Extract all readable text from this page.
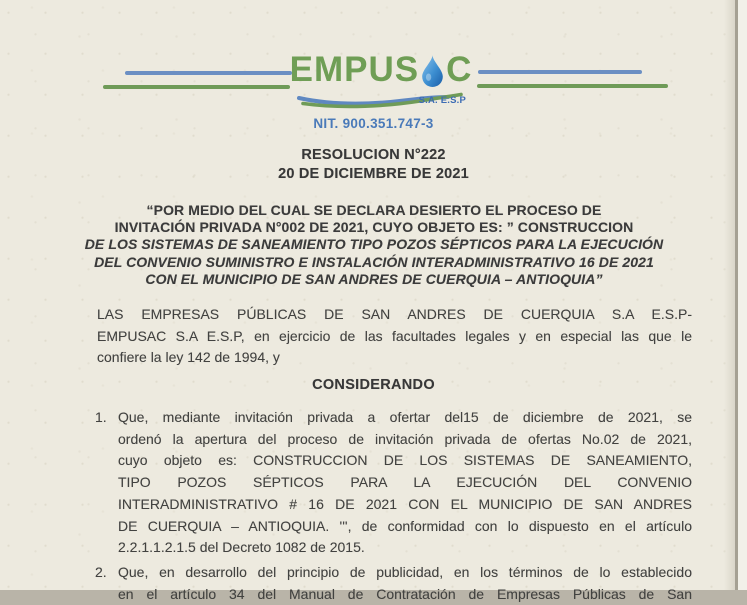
EMPUS C
S.A. E.S.P
NIT. 900.351.747-3
RESOLUCION N°222
20 DE DICIEMBRE DE 2021
“POR MEDIO DEL CUAL SE DECLARA DESIERTO EL PROCESO DE
INVITACIÓN PRIVADA N°002 DE 2021, CUYO OBJETO ES: ” CONSTRUCCION
DE LOS SISTEMAS DE SANEAMIENTO TIPO POZOS SÉPTICOS PARA LA EJECUCIÓN
DEL CONVENIO SUMINISTRO E INSTALACIÓN INTERADMINISTRATIVO 16 DE 2021
CON EL MUNICIPIO DE SAN ANDRES DE CUERQUIA – ANTIOQUIA”
LAS EMPRESAS PÚBLICAS DE SAN ANDRES DE CUERQUIA S.A E.S.P-
EMPUSAC S.A E.S.P, en ejercicio de las facultades legales y en especial las que le
confiere la ley 142 de 1994, y
CONSIDERANDO
1. Que, mediante invitación privada a ofertar del15 de diciembre de 2021, se
ordenó la apertura del proceso de invitación privada de ofertas No.02 de 2021,
cuyo objeto es: CONSTRUCCION DE LOS SISTEMAS DE SANEAMIENTO,
TIPO POZOS SÉPTICOS PARA LA EJECUCIÓN DEL CONVENIO
INTERADMINISTRATIVO # 16 DE 2021 CON EL MUNICIPIO DE SAN ANDRES
DE CUERQUIA – ANTIOQUIA. ''', de conformidad con lo dispuesto en el artículo
2.2.1.1.2.1.5 del Decreto 1082 de 2015.
2. Que, en desarrollo del principio de publicidad, en los términos de lo establecido
en el artículo 34 del Manual de Contratación de Empresas Públicas de San
